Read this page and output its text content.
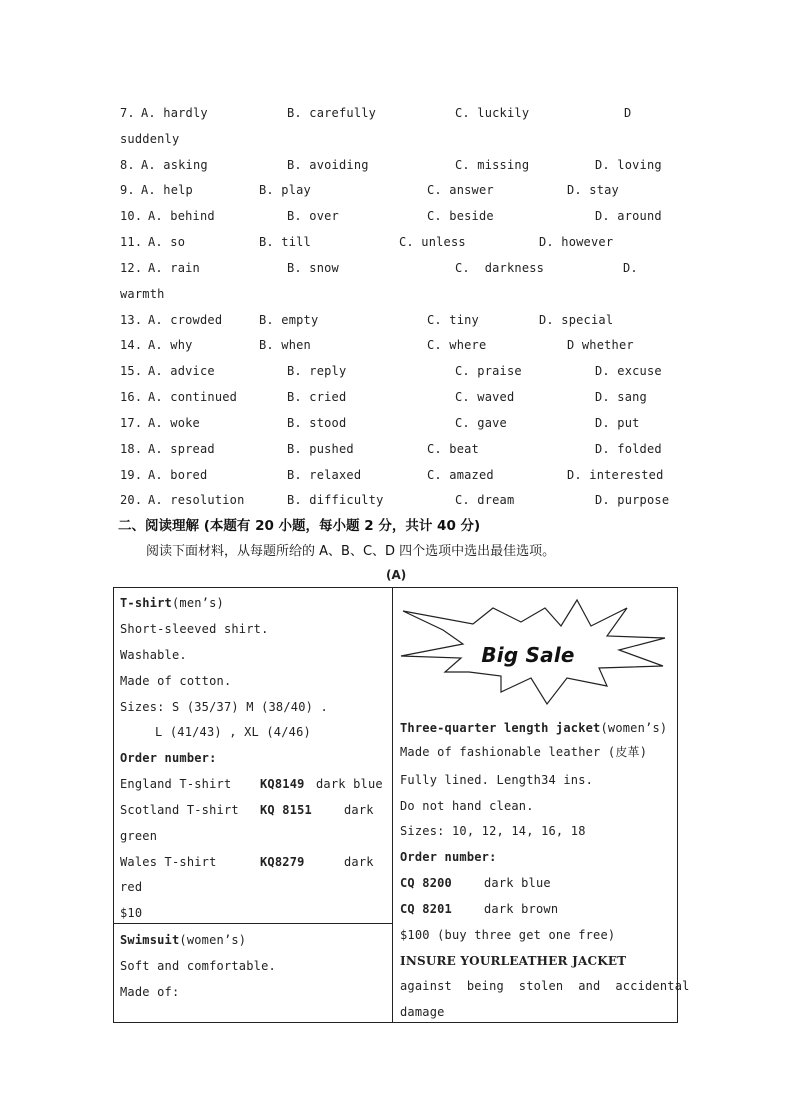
7. A. hardly	B. carefully	C. luckily	D
suddenly
8. A. asking	B. avoiding	C. missing	D. loving
9. A. help	B. play	C. answer	D. stay
10. A. behind	B. over	C. beside	D. around
11. A. so	B. till	C. unless	D. however
12. A. rain	B. snow	C.  darkness	D.
warmth
13. A. crowded	B. empty	C. tiny	D. special
14. A. why	B. when	C. where	D whether
15. A. advice	B. reply	C. praise	D. excuse
16. A. continued	B. cried	C. waved	D. sang
17. A. woke	B. stood	C. gave	D. put
18. A. spread	B. pushed	C. beat	D. folded
19. A. bored	B. relaxed	C. amazed	D. interested
20. A. resolution	B. difficulty	C. dream	D. purpose
二、阅读理解 (本题有 20 小题，每小题 2 分，共计 40 分)
阅读下面材料，从每题所给的 A、B、C、D 四个选项中选出最佳选项。
(A)
T-shirt(men’s)
Short-sleeved shirt.
Washable.
Made of cotton.
Sizes: S (35/37) M (38/40) .
L (41/43) , XL (4/46)
Order number:
England T-shirt KQ8149 dark blue
Scotland T-shirt KQ 8151	dark
green
Wales T-shirt	KQ8279	dark
red
$10
Swimsuit(women’s)
Soft and comfortable.
Made of:
Big Sale
Three-quarter length jacket(women’s)
Made of fashionable leather (皮革)
Fully lined. Length34 ins.
Do not hand clean.
Sizes: 10, 12, 14, 16, 18
Order number:
CQ 8200	dark blue
CQ 8201	dark brown
$100 (buy three get one free)
INSURE YOURLEATHER JACKET
against  being  stolen  and  accidental
damage
